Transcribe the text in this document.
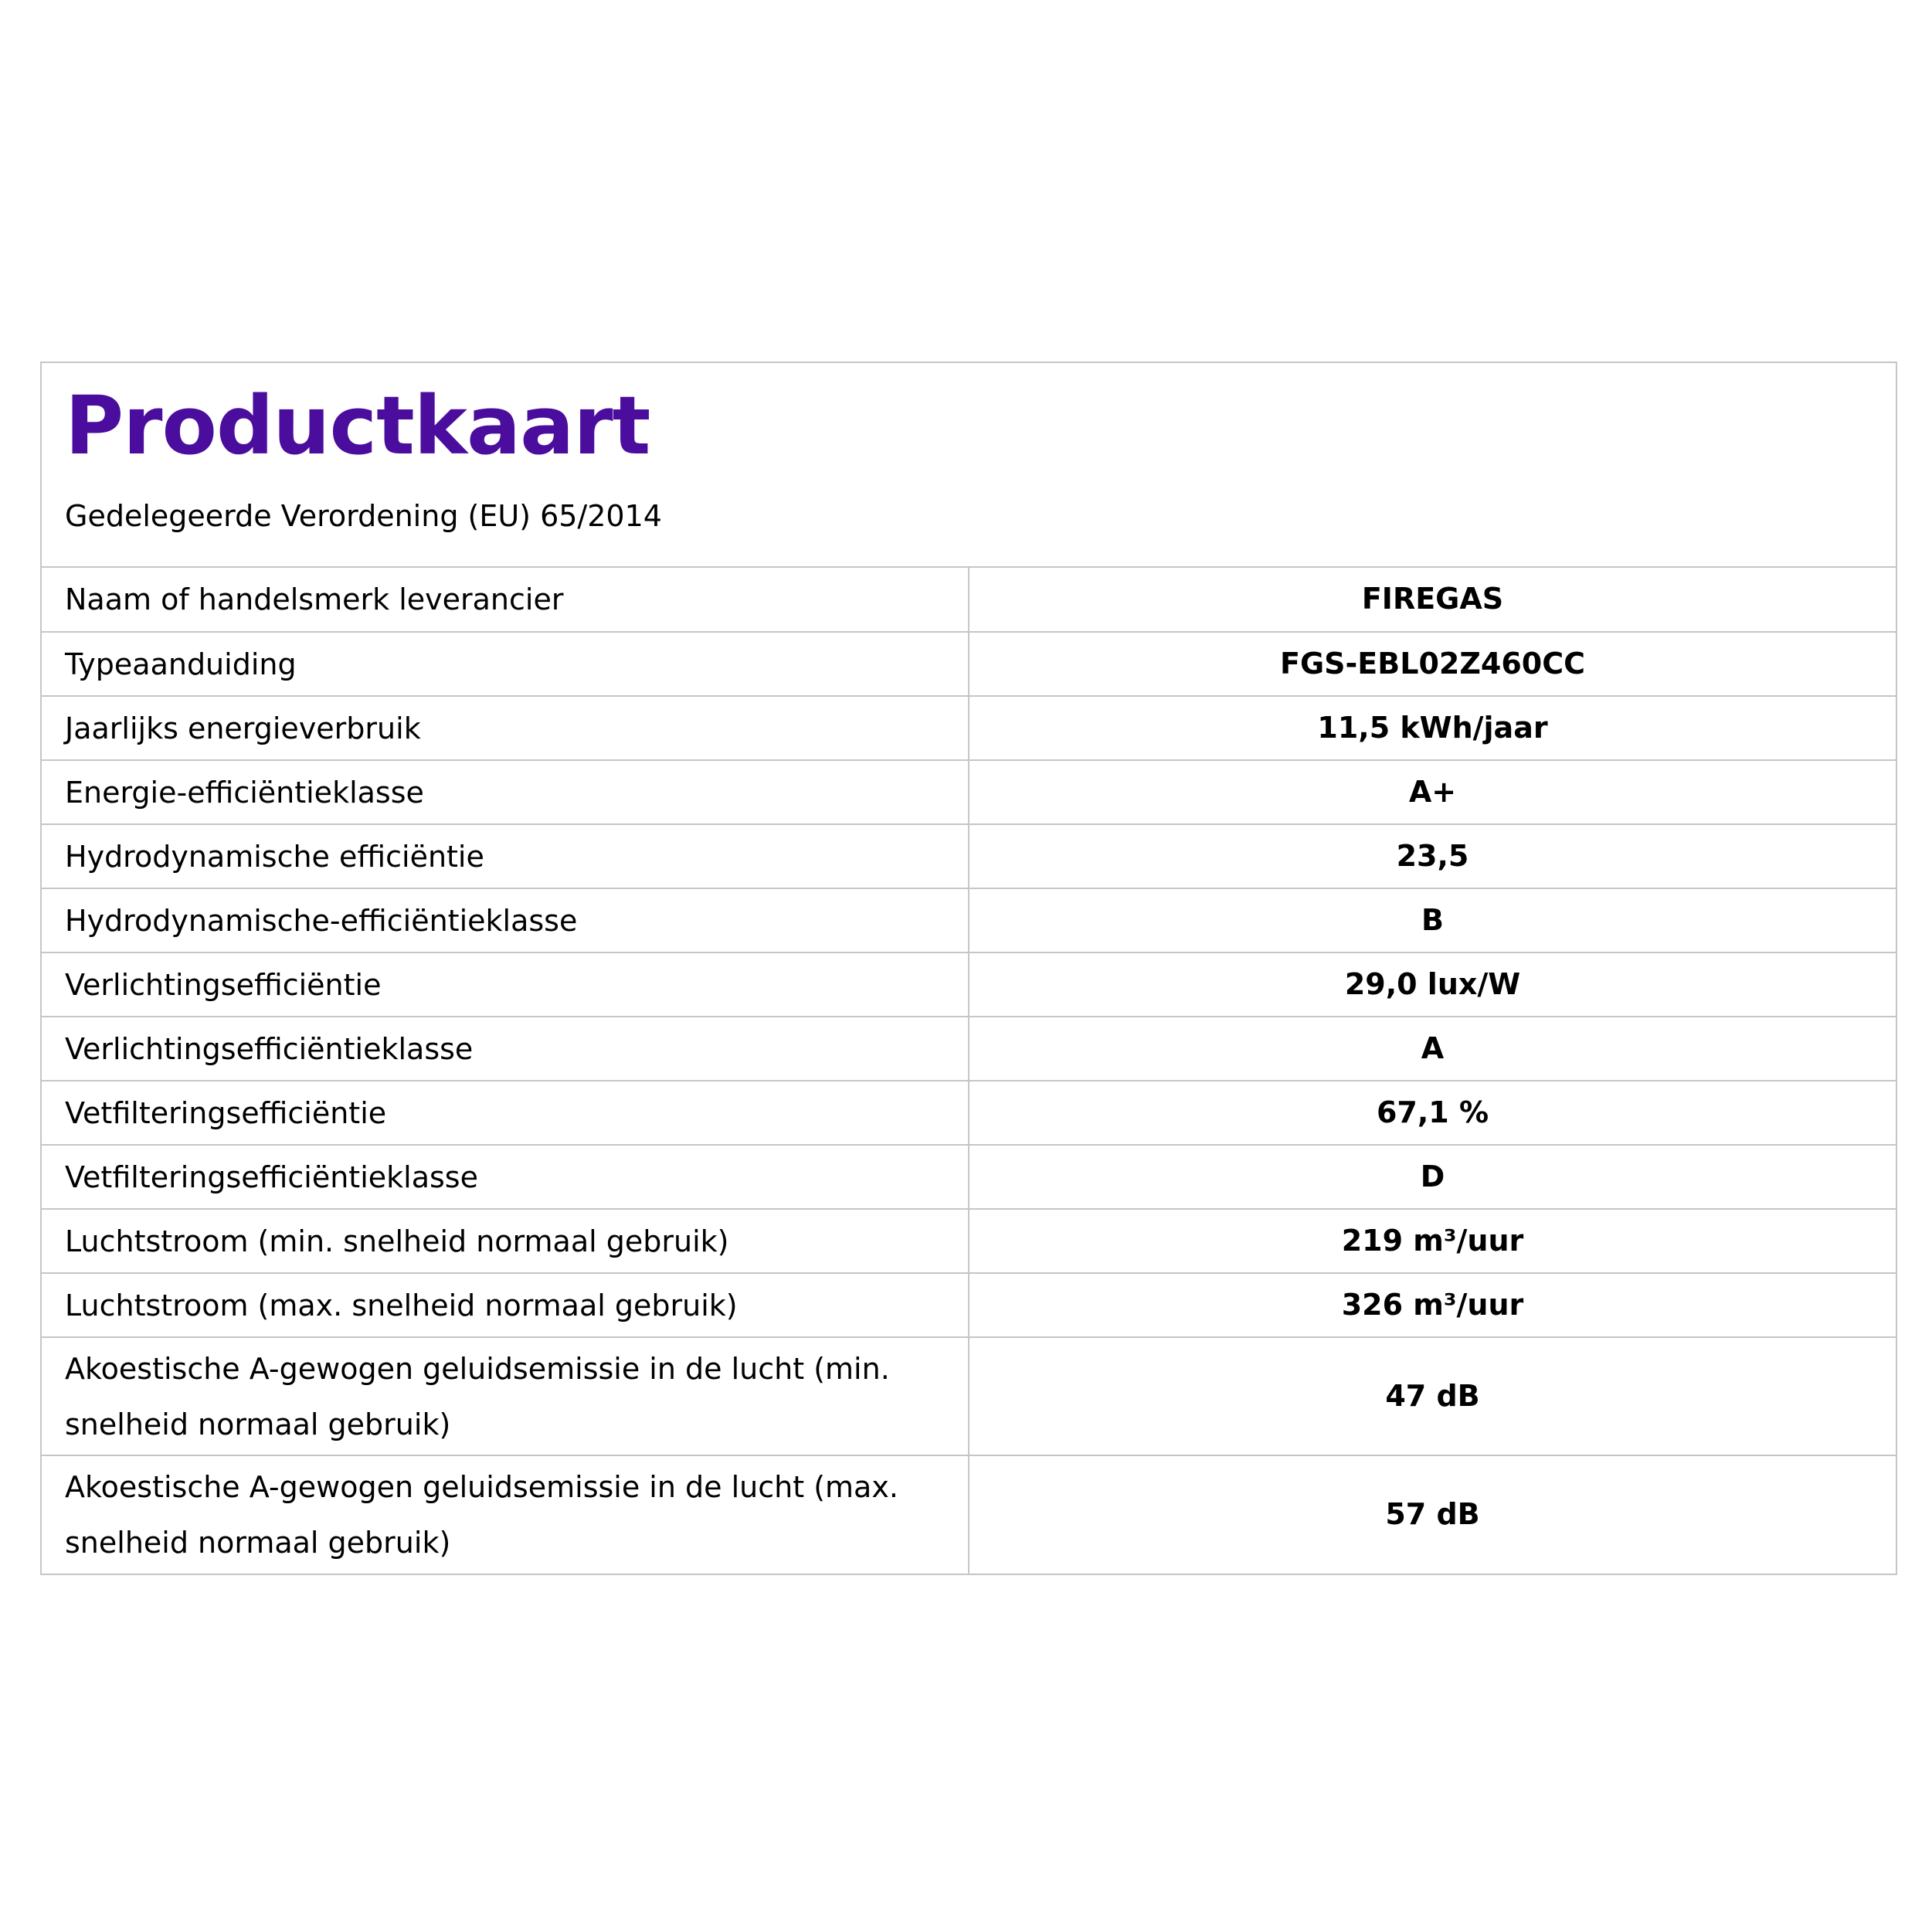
Productkaart

Gedelegeerde Verordening (EU) 65/2014

Naam of handelsmerk leverancier	FIREGAS
Typeaanduiding	FGS-EBL02Z460CC
Jaarlijks energieverbruik	11,5 kWh/jaar
Energie-efficiëntieklasse	A+
Hydrodynamische efficiëntie	23,5
Hydrodynamische-efficiëntieklasse	B
Verlichtingsefficiëntie	29,0 lux/W
Verlichtingsefficiëntieklasse	A
Vetfilteringsefficiëntie	67,1 %
Vetfilteringsefficiëntieklasse	D
Luchtstroom (min. snelheid normaal gebruik)	219 m³/uur
Luchtstroom (max. snelheid normaal gebruik)	326 m³/uur
Akoestische A-gewogen geluidsemissie in de lucht (min. snelheid normaal gebruik)	47 dB
Akoestische A-gewogen geluidsemissie in de lucht (max. snelheid normaal gebruik)	57 dB
